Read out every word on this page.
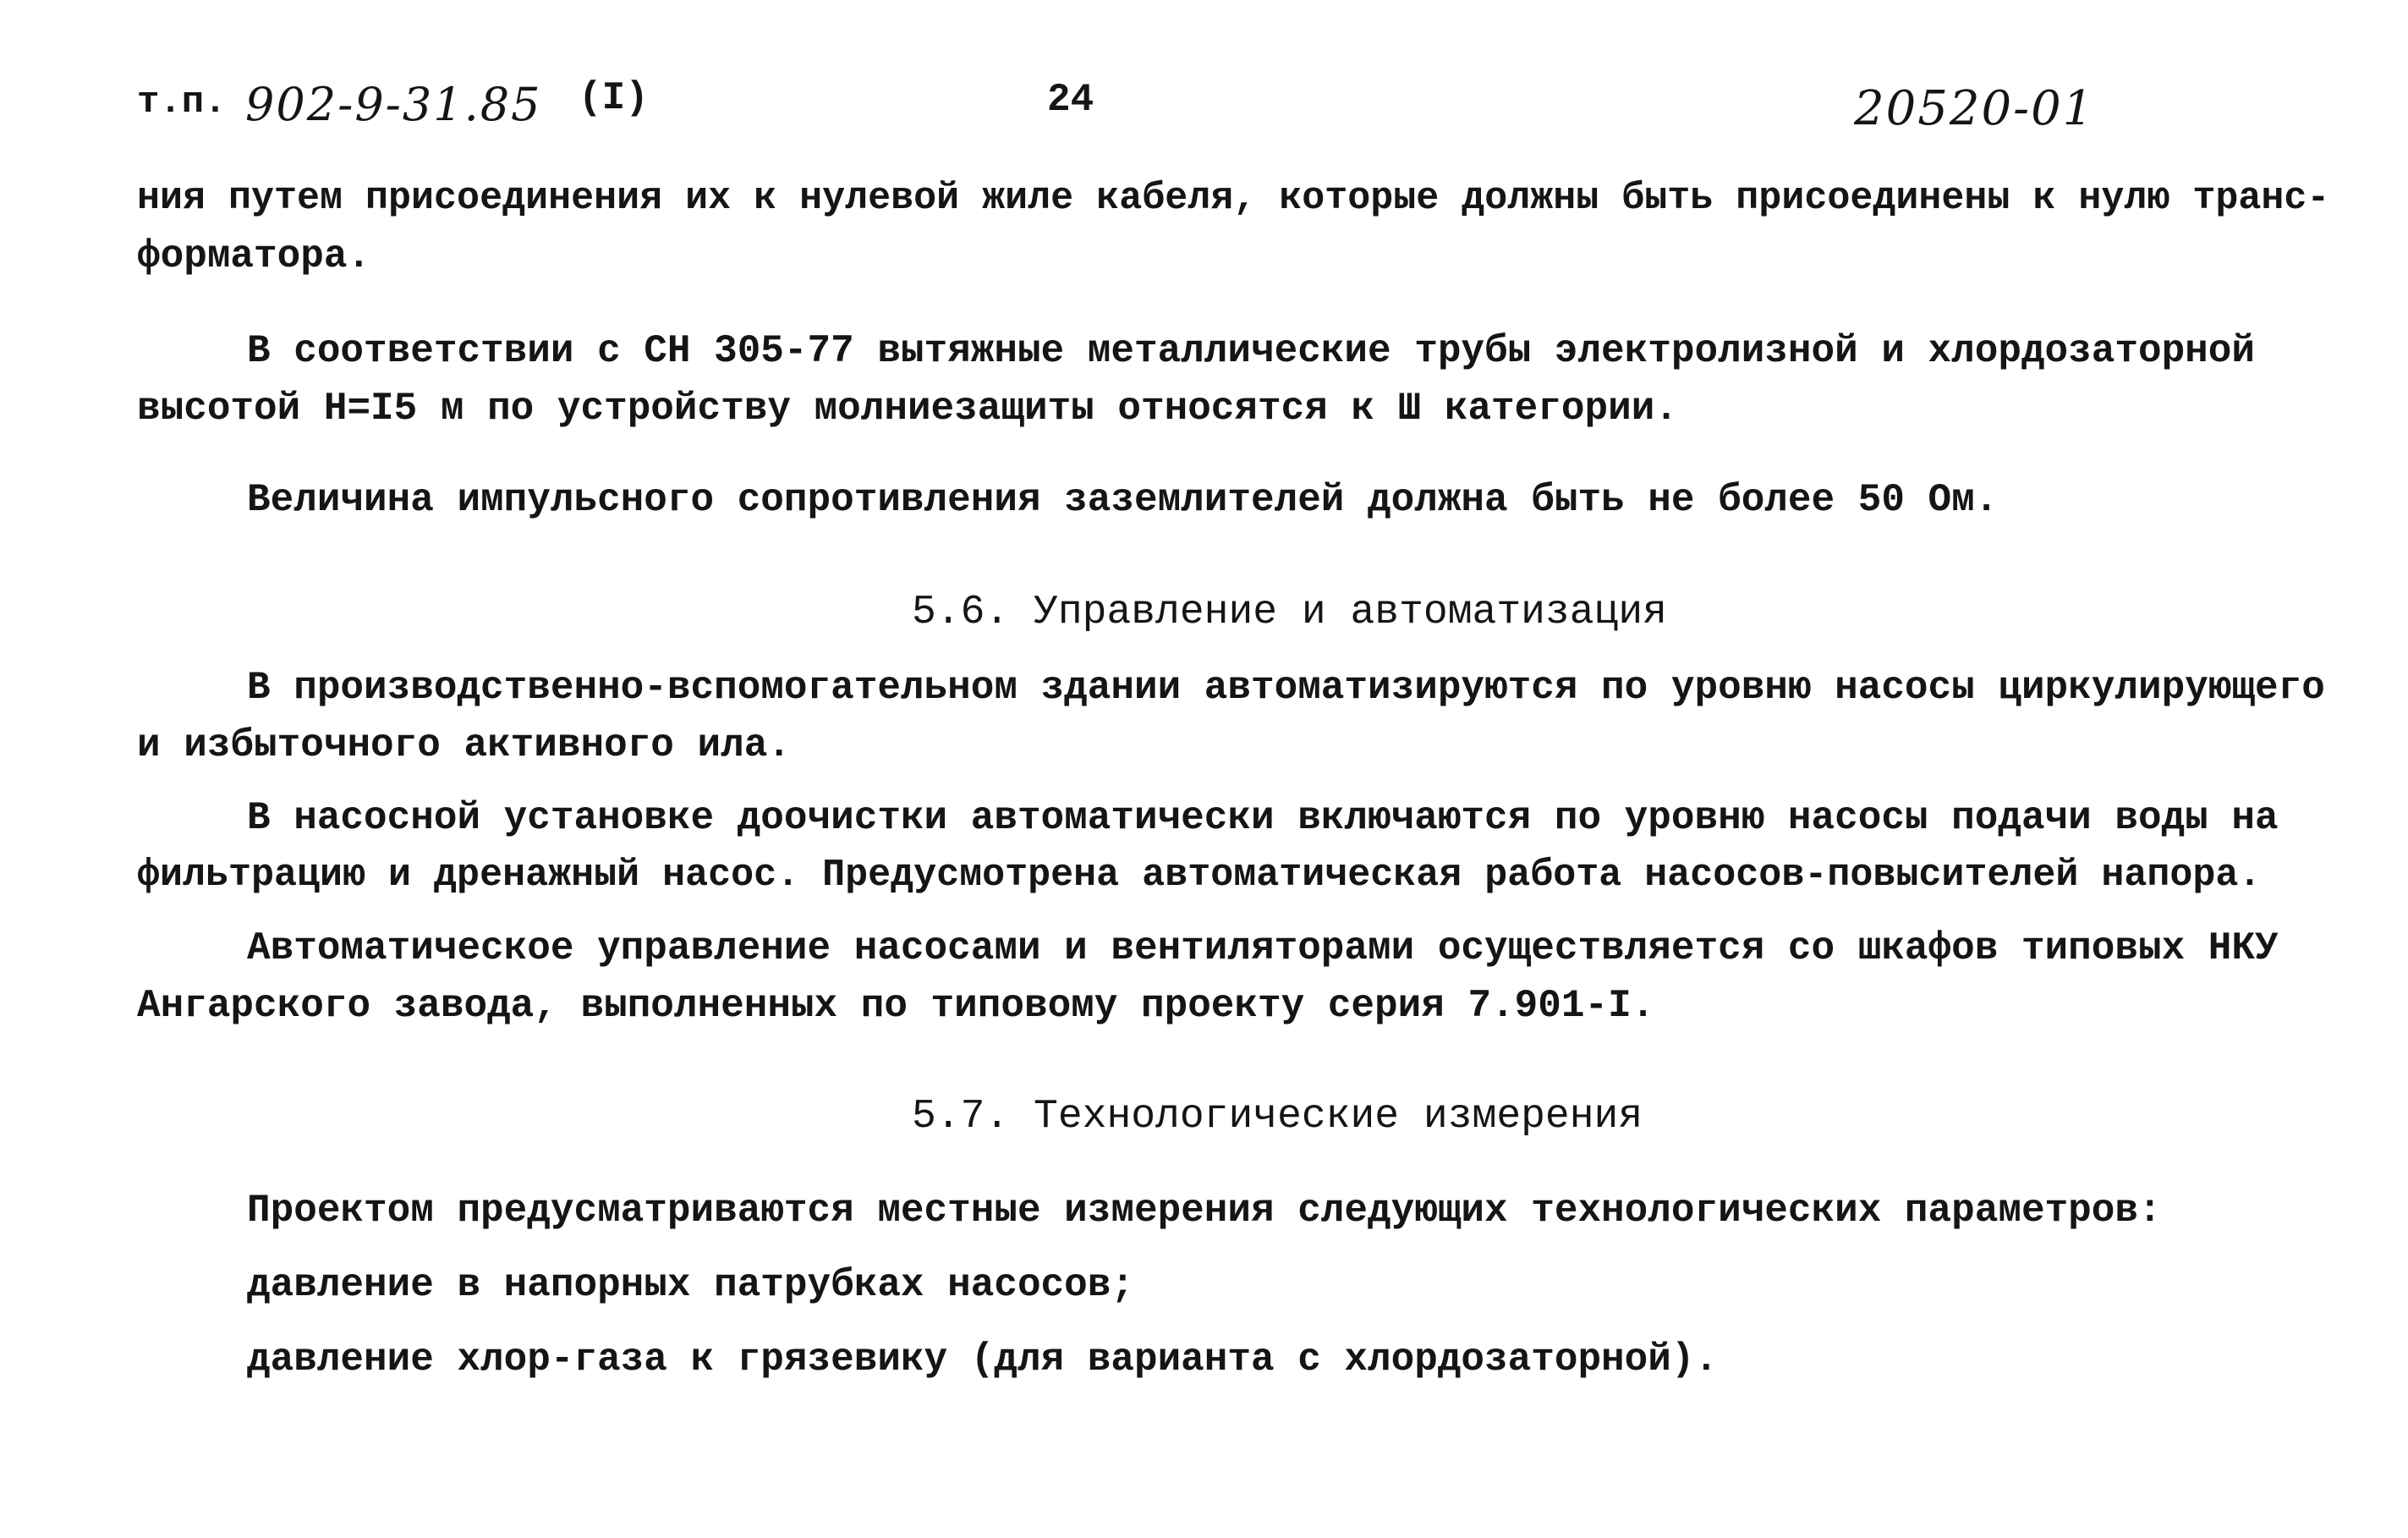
т.п. 902-9-31.85 (I)	24	20520-01
ния путем присоединения их к нулевой жиле кабеля, которые должны быть присоединены к нулю транс-
форматора.
В соответствии с СН 305-77 вытяжные металлические трубы электролизной и хлордозаторной
высотой Н=I5 м по устройству молниезащиты относятся к Ш категории.
Величина импульсного сопротивления заземлителей должна быть не более 50 Ом.
5.6. Управление и автоматизация
В производственно-вспомогательном здании автоматизируются по уровню насосы циркулирующего
и избыточного активного ила.
В насосной установке доочистки автоматически включаются по уровню насосы подачи воды на
фильтрацию и дренажный насос. Предусмотрена автоматическая работа насосов-повысителей напора.
Автоматическое управление насосами и вентиляторами осуществляется со шкафов типовых НКУ
Ангарского завода, выполненных по типовому проекту серия 7.901-I.
5.7. Технологические измерения
Проектом предусматриваются местные измерения следующих технологических параметров:
давление в напорных патрубках насосов;
давление хлор-газа к грязевику (для варианта с хлордозаторной).
